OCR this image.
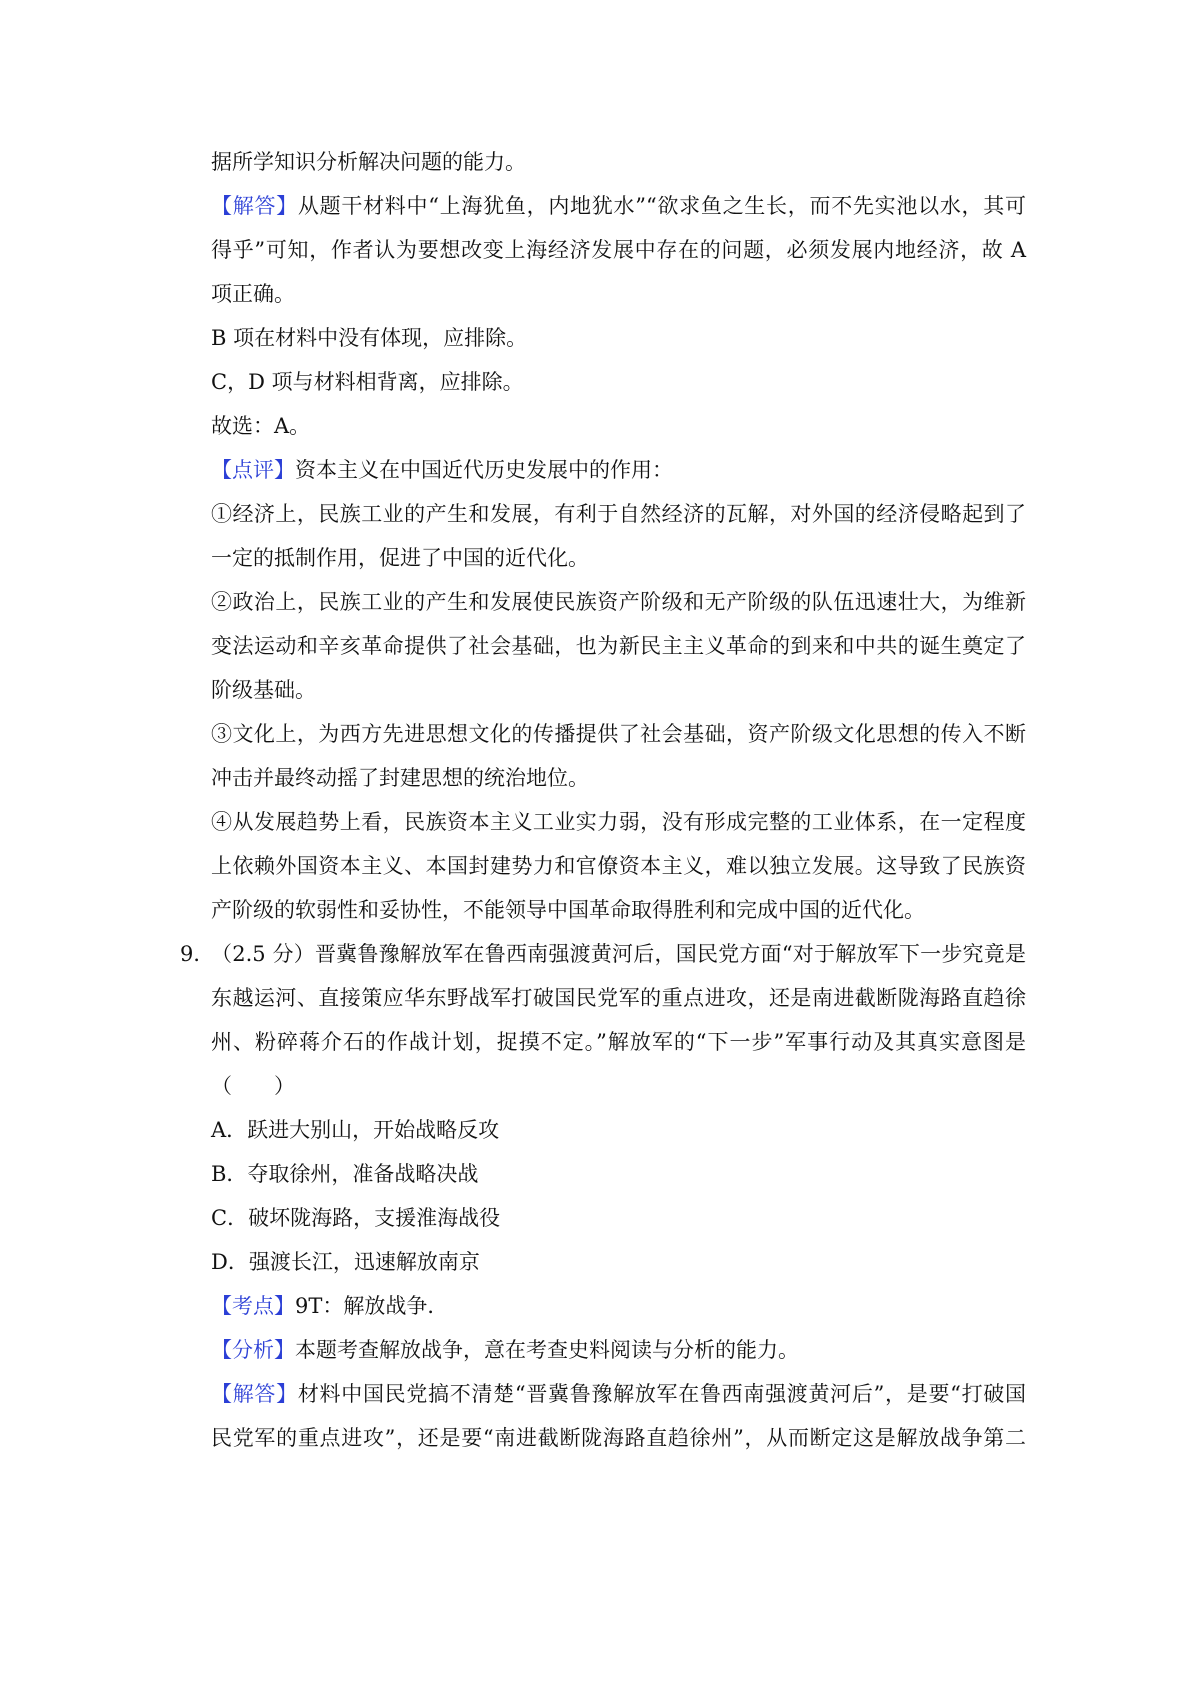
据所学知识分析解决问题的能力。
【解答】从题干材料中“上海犹鱼，内地犹水”“欲求鱼之生长，而不先实池以水，其可
得乎”可知，作者认为要想改变上海经济发展中存在的问题，必须发展内地经济，故 A
项正确。
B 项在材料中没有体现，应排除。
C，D 项与材料相背离，应排除。
故选：A。
【点评】资本主义在中国近代历史发展中的作用：
①经济上，民族工业的产生和发展，有利于自然经济的瓦解，对外国的经济侵略起到了
一定的抵制作用，促进了中国的近代化。
②政治上，民族工业的产生和发展使民族资产阶级和无产阶级的队伍迅速壮大，为维新
变法运动和辛亥革命提供了社会基础，也为新民主主义革命的到来和中共的诞生奠定了
阶级基础。
③文化上，为西方先进思想文化的传播提供了社会基础，资产阶级文化思想的传入不断
冲击并最终动摇了封建思想的统治地位。
④从发展趋势上看，民族资本主义工业实力弱，没有形成完整的工业体系，在一定程度
上依赖外国资本主义、本国封建势力和官僚资本主义，难以独立发展。这导致了民族资
产阶级的软弱性和妥协性，不能领导中国革命取得胜利和完成中国的近代化。
9．
（2.5 分）晋冀鲁豫解放军在鲁西南强渡黄河后，国民党方面“对于解放军下一步究竟是
东越运河、直接策应华东野战军打破国民党军的重点进攻，还是南进截断陇海路直趋徐
州、粉碎蒋介石的作战计划，捉摸不定。”解放军的“下一步”军事行动及其真实意图是
（　　）
A．跃进大别山，开始战略反攻
B．夺取徐州，准备战略决战
C．破坏陇海路，支援淮海战役
D．强渡长江，迅速解放南京
【考点】9T：解放战争．
【分析】本题考查解放战争，意在考查史料阅读与分析的能力。
【解答】材料中国民党搞不清楚“晋冀鲁豫解放军在鲁西南强渡黄河后”，是要“打破国
民党军的重点进攻”，还是要“南进截断陇海路直趋徐州”，从而断定这是解放战争第二
